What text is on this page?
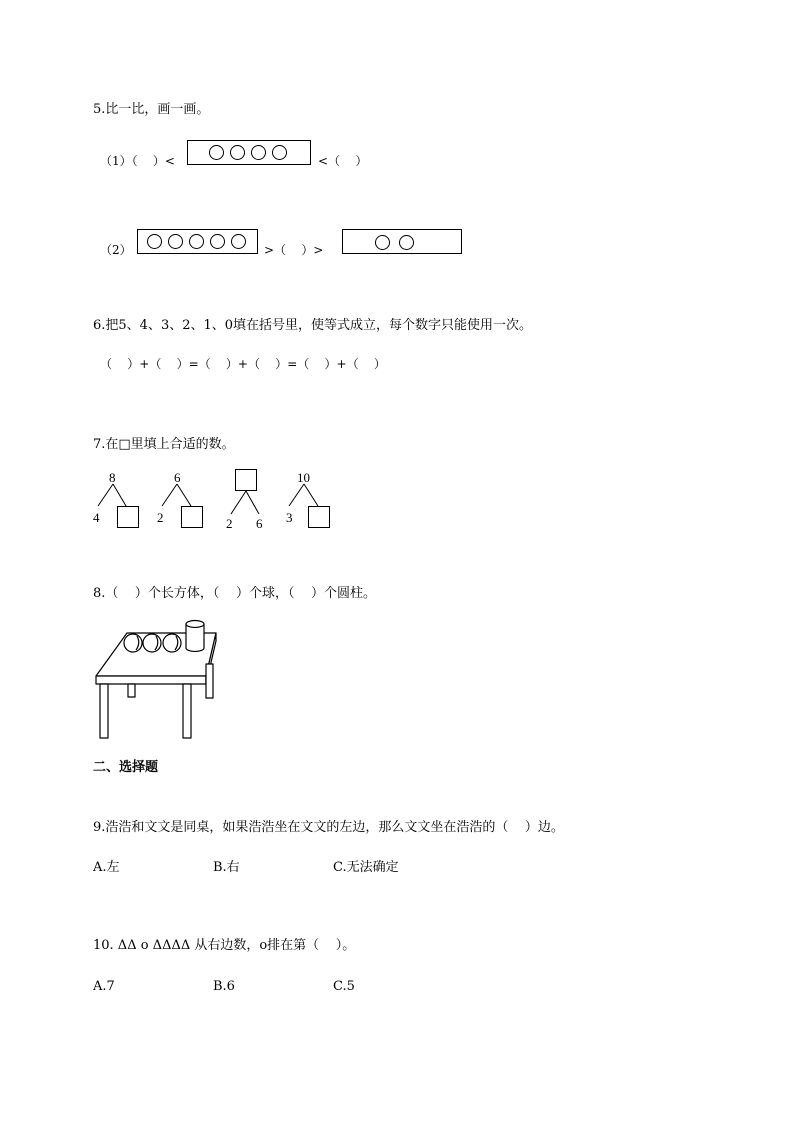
5.比一比，画一画。
（1）（    ）<	<（    ）
（2）	>（    ）>
6.把5、4、3、2、1、0填在括号里，使等式成立，每个数字只能使用一次。
（    ）+（    ）=（    ）+（    ）=（    ）+（    ）
7.在□里填上合适的数。
8
4
6
2	2 6
10
3
8.（    ）个长方体，（    ）个球，（    ）个圆柱。
二、选择题
9.浩浩和文文是同桌，如果浩浩坐在文文的左边，那么文文坐在浩浩的（    ）边。
A.左	B.右	C.无法确定
10. ΔΔ o ΔΔΔΔ 从右边数，o排在第（    ）。
A.7	B.6	C.5
